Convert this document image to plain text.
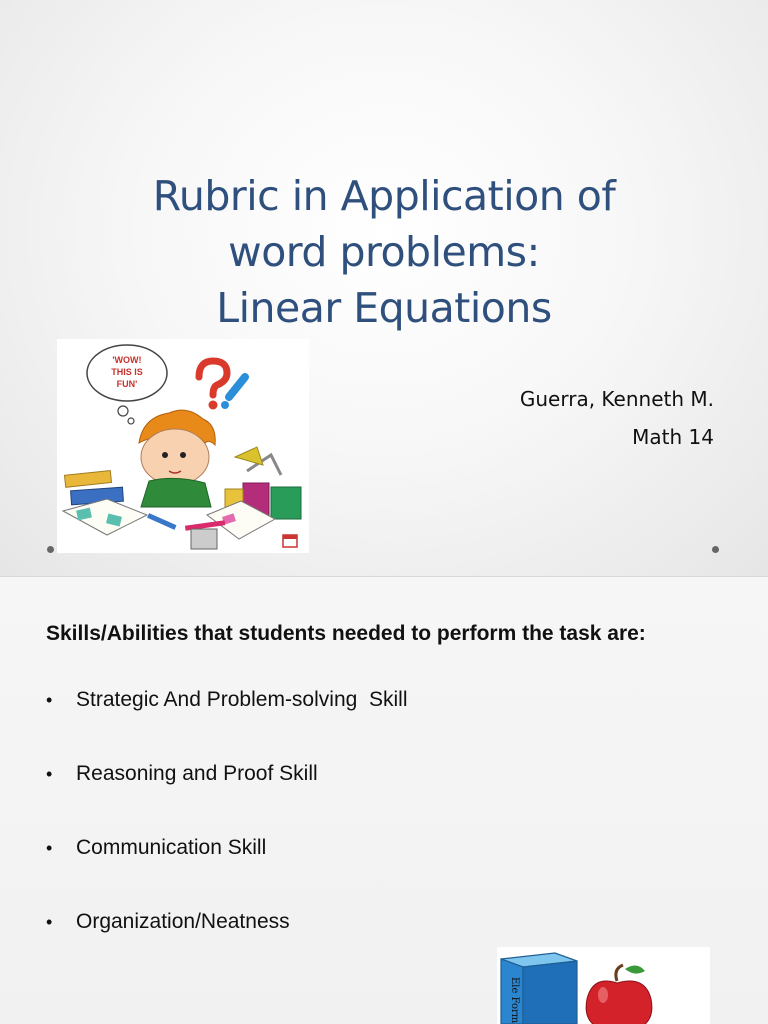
Rubric in Application of
word problems:
Linear Equations
'WOW!
THIS IS
FUN'
Guerra, Kenneth M.
Math 14
Skills/Abilities that students needed to perform the task are:
• Strategic And Problem-solving  Skill
• Reasoning and Proof Skill
• Communication Skill
• Organization/Neatness
Ele Form
